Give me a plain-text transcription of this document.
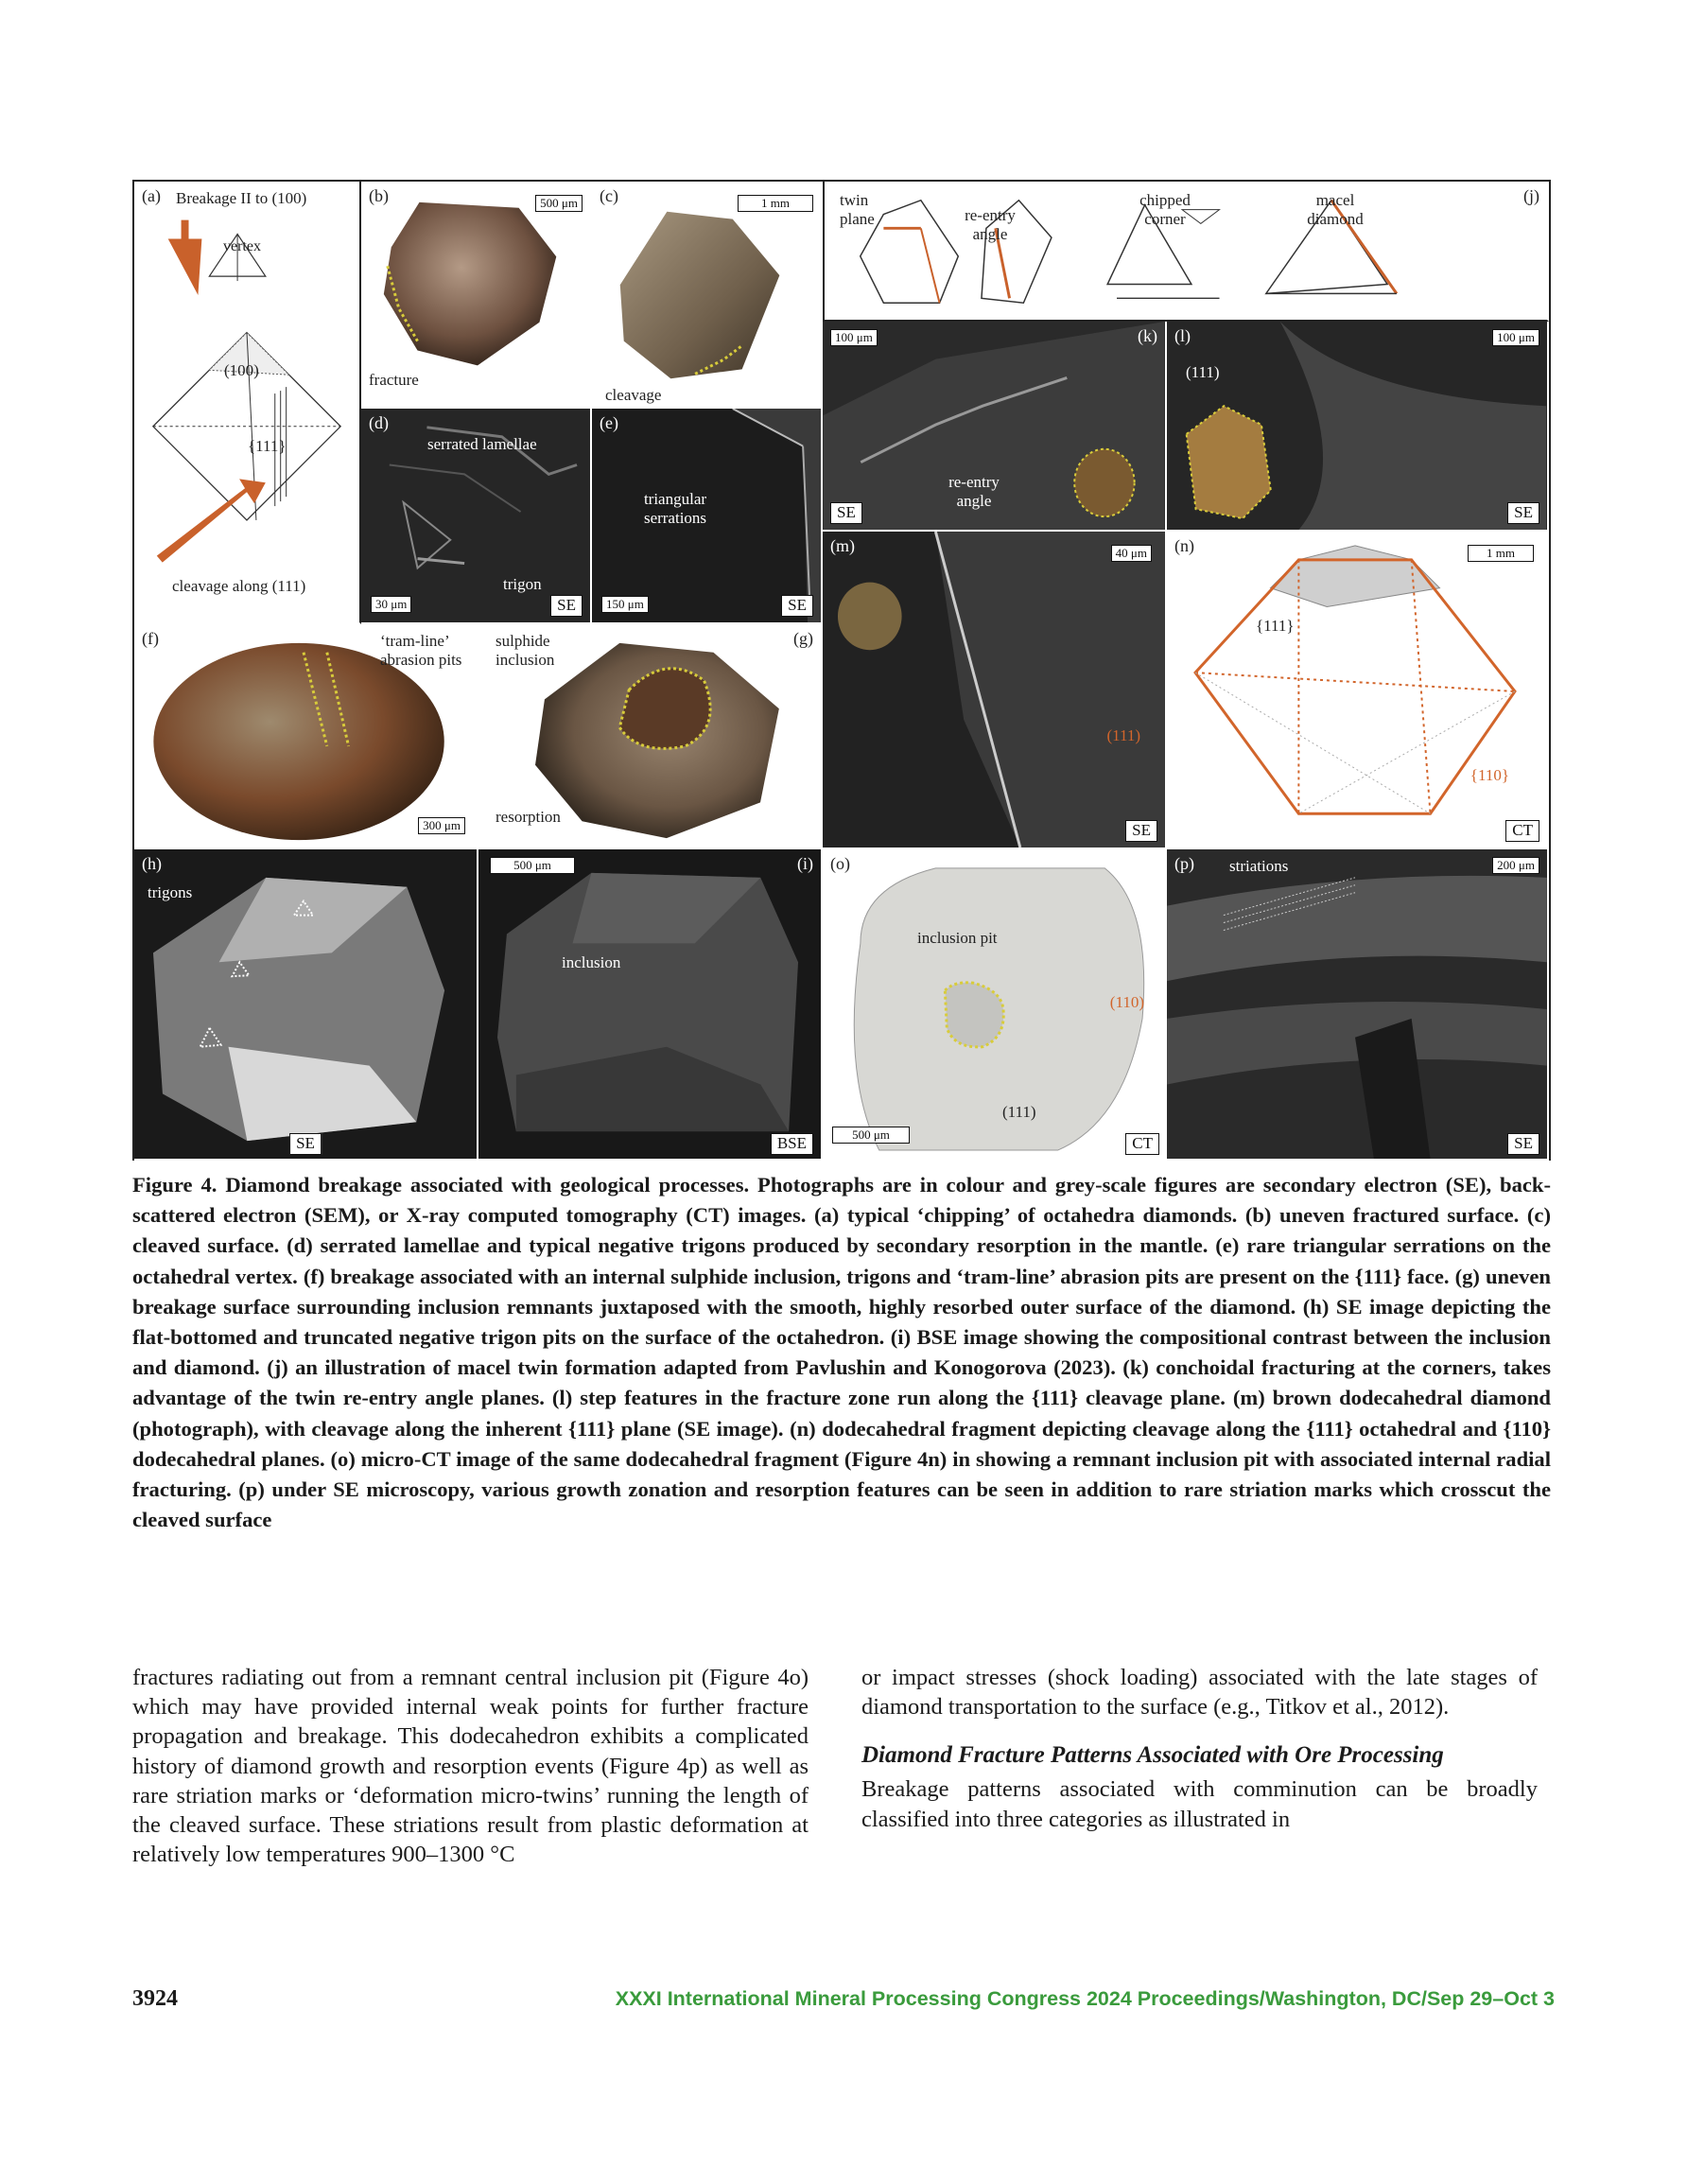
(a) Breakage II to (100)
vertex
(100)
{111}
cleavage along (111)
(b)	500 μm
fracture
(c)	1 mm
cleavage
(d)
serrated lamellae
trigon
30 μm	SE
(e)
triangular serrations
150 μm	SE
(f)	‘tram-line’ abrasion pits
300 μm
(g)
sulphide inclusion
resorption
(h)
trigons
SE
(i)
500 μm
inclusion
BSE
twin plane	re-entry angle
chipped corner
macel diamond
(j)
100 μm	(k)
re-entry angle
SE
(l)	100 μm
(111)
SE
(m)	40 μm
(111)
SE
(n)	1 mm
{111}
{110}
CT
(o)
inclusion pit
(110)
(111)
500 μm
CT
(p) striations	200 μm
SE
Figure 4. Diamond breakage associated with geological processes. Photographs are in colour and grey-scale figures are secondary electron (SE), back-scattered electron (SEM), or X-ray computed tomography (CT) images. (a) typical ‘chipping’ of octahedra diamonds. (b) uneven fractured surface. (c) cleaved surface. (d) serrated lamellae and typical negative trigons produced by secondary resorption in the mantle. (e) rare triangular serrations on the octahedral vertex. (f) breakage associated with an internal sulphide inclusion, trigons and ‘tram-line’ abrasion pits are present on the {111} face. (g) uneven breakage surface surrounding inclusion remnants juxtaposed with the smooth, highly resorbed outer surface of the diamond. (h) SE image depicting the flat-bottomed and truncated negative trigon pits on the surface of the octahedron. (i) BSE image showing the compositional contrast between the inclusion and diamond. (j) an illustration of macel twin formation adapted from Pavlushin and Konogorova (2023). (k) conchoidal fracturing at the corners, takes advantage of the twin re-entry angle planes. (l) step features in the fracture zone run along the {111} cleavage plane. (m) brown dodecahedral diamond (photograph), with cleavage along the inherent {111} plane (SE image). (n) dodecahedral fragment depicting cleavage along the {111} octahedral and {110} dodecahedral planes. (o) micro-CT image of the same dodecahedral fragment (Figure 4n) in showing a remnant inclusion pit with associated internal radial fracturing. (p) under SE microscopy, various growth zonation and resorption features can be seen in addition to rare striation marks which crosscut the cleaved surface

fractures radiating out from a remnant central inclusion pit (Figure 4o) which may have provided internal weak points for further fracture propagation and breakage. This dodecahedron exhibits a complicated history of diamond growth and resorption events (Figure 4p) as well as rare striation marks or ‘deformation micro-twins’ running the length of the cleaved surface. These striations result from plastic deformation at relatively low temperatures 900–1300 °C

or impact stresses (shock loading) associated with the late stages of diamond transportation to the surface (e.g., Titkov et al., 2012).

Diamond Fracture Patterns Associated with Ore Processing

Breakage patterns associated with comminution can be broadly classified into three categories as illustrated in

3924	XXXI International Mineral Processing Congress 2024 Proceedings/Washington, DC/Sep 29–Oct 3
